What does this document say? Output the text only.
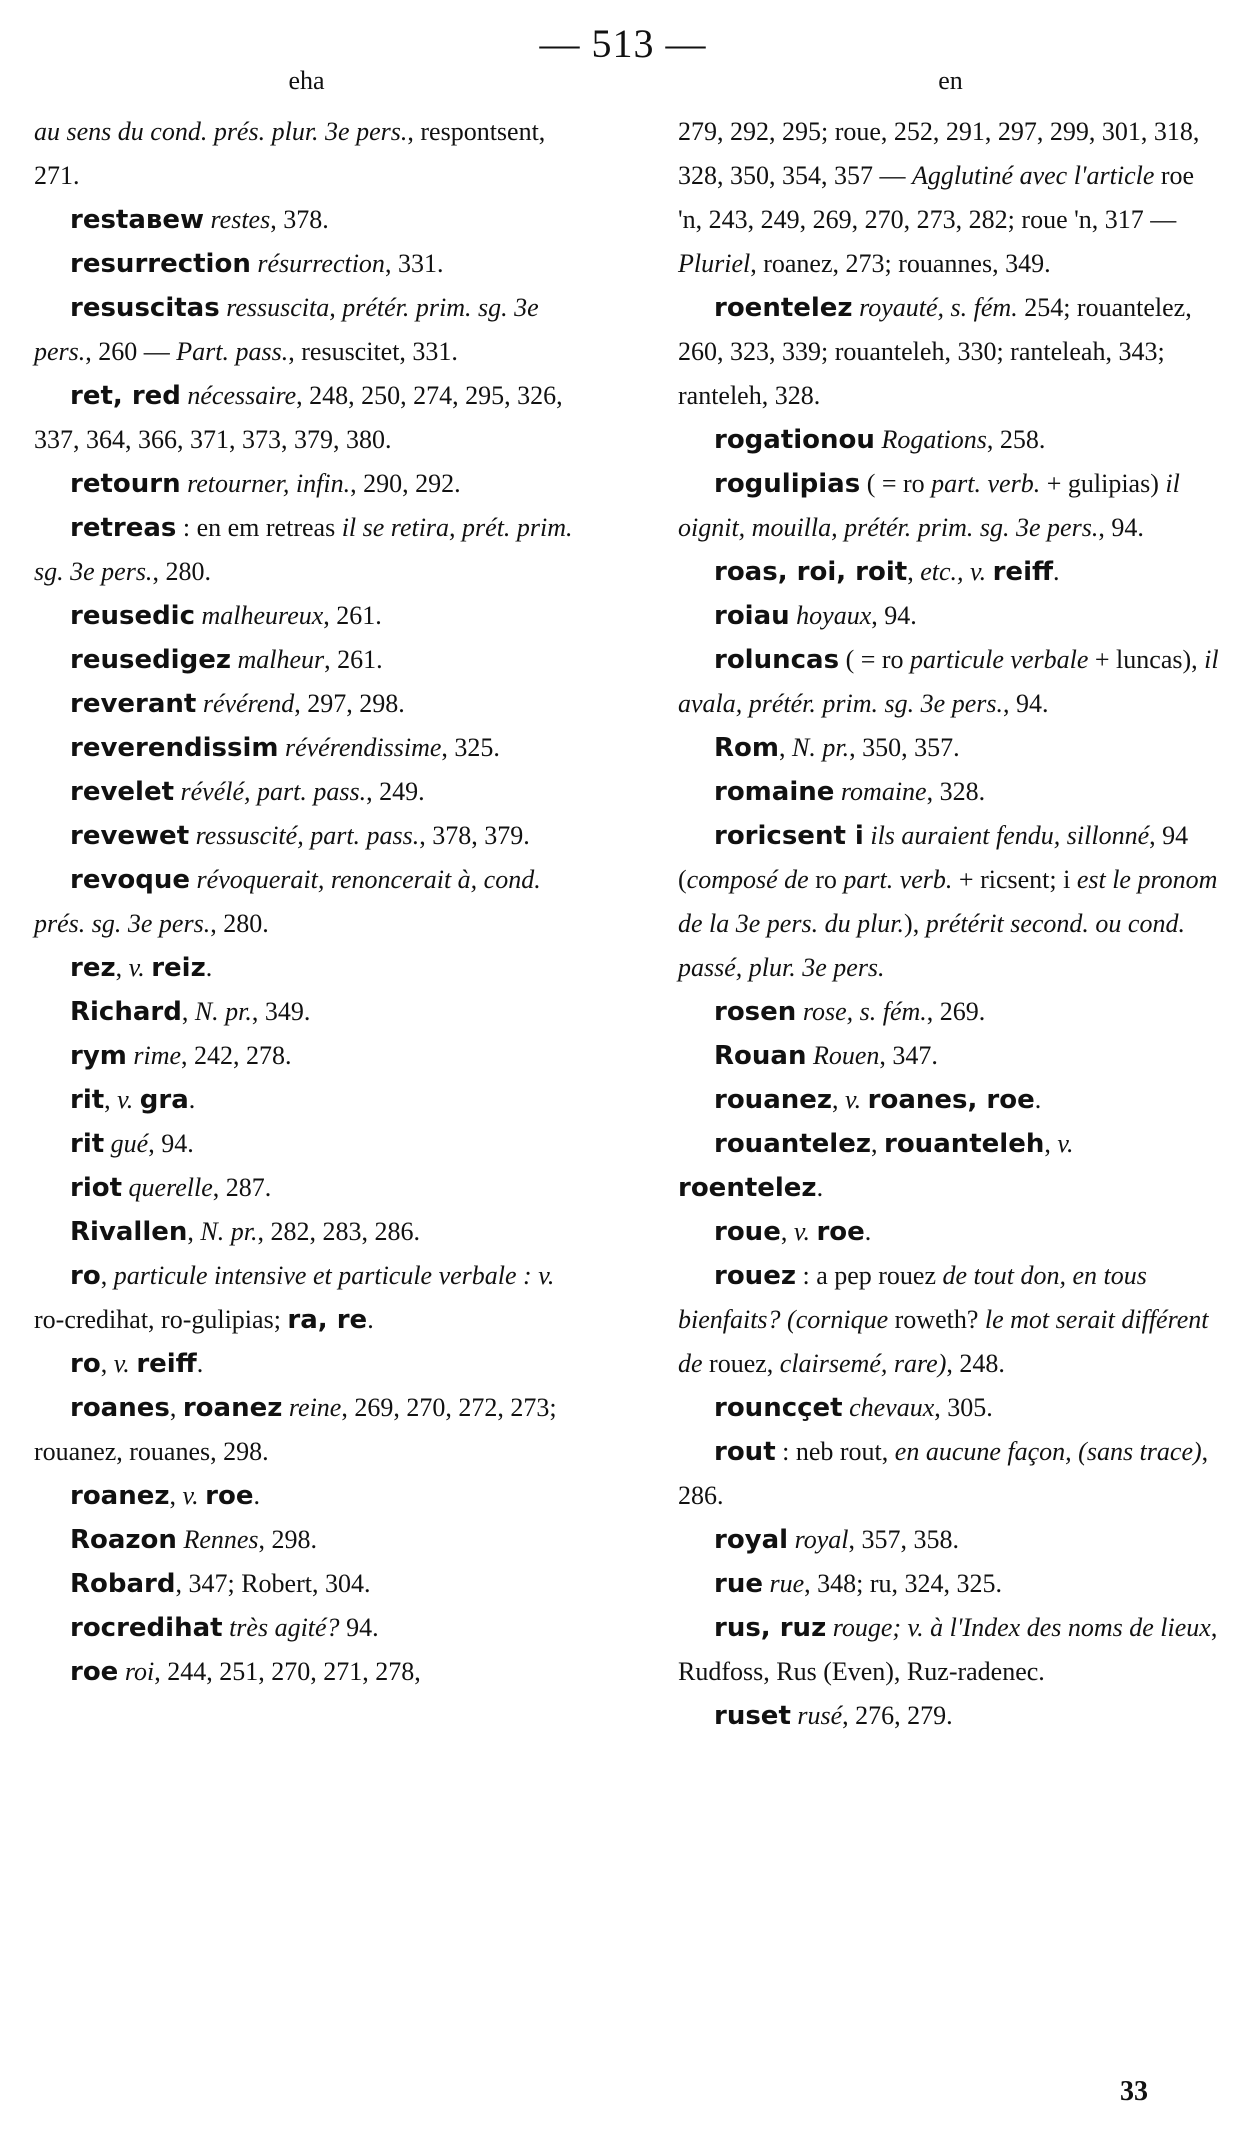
— 513 —
eha

au sens du cond. prés. plur. 3e pers., respontsent, 271.

restaʙew restes, 378.

resurrection résurrection, 331.

resuscitas ressuscita, prétér. prim. sg. 3e pers., 260 — Part. pass., resuscitet, 331.

ret, red nécessaire, 248, 250, 274, 295, 326, 337, 364, 366, 371, 373, 379, 380.

retourn retourner, infin., 290, 292.

retreas : en em retreas il se retira, prét. prim. sg. 3e pers., 280.

reusedic malheureux, 261.

reusedigez malheur, 261.

reverant révérend, 297, 298.

reverendissim révérendissime, 325.

revelet révélé, part. pass., 249.

revewet ressuscité, part. pass., 378, 379.

revoque révoquerait, renoncerait à, cond. prés. sg. 3e pers., 280.

rez, v. reiz.

Richard, N. pr., 349.

rym rime, 242, 278.

rit, v. gra.

rit gué, 94.

riot querelle, 287.

Rivallen, N. pr., 282, 283, 286.

ro, particule intensive et particule verbale : v. ro-credihat, ro-gulipias; ra, re.

ro, v. reiff.

roanes, roanez reine, 269, 270, 272, 273; rouanez, rouanes, 298.

roanez, v. roe.

Roazon Rennes, 298.

Robard, 347; Robert, 304.

rocredihat très agité? 94.

roe roi, 244, 251, 270, 271, 278,

en

279, 292, 295; roue, 252, 291, 297, 299, 301, 318, 328, 350, 354, 357 — Agglutiné avec l'article roe 'n, 243, 249, 269, 270, 273, 282; roue 'n, 317 — Pluriel, roanez, 273; rouannes, 349.

roentelez royauté, s. fém. 254; rouantelez, 260, 323, 339; rouanteleh, 330; ranteleah, 343; ranteleh, 328.

rogationou Rogations, 258.

rogulipias ( = ro part. verb. + gulipias) il oignit, mouilla, prétér. prim. sg. 3e pers., 94.

roas, roi, roit, etc., v. reiff.

roiau hoyaux, 94.

roluncas ( = ro particule verbale + luncas), il avala, prétér. prim. sg. 3e pers., 94.

Rom, N. pr., 350, 357.

romaine romaine, 328.

roricsent i ils auraient fendu, sillonné, 94 (composé de ro part. verb. + ricsent; i est le pronom de la 3e pers. du plur.), prétérit second. ou cond. passé, plur. 3e pers.

rosen rose, s. fém., 269.

Rouan Rouen, 347.

rouanez, v. roanes, roe.

rouantelez, rouanteleh, v. roentelez.

roue, v. roe.

rouez : a pep rouez de tout don, en tous bienfaits? (cornique roweth? le mot serait différent de rouez, clairsemé, rare), 248.

rouncçet chevaux, 305.

rout : neb rout, en aucune façon, (sans trace), 286.

royal royal, 357, 358.

rue rue, 348; ru, 324, 325.

rus, ruz rouge; v. à l'Index des noms de lieux, Rudfoss, Rus (Even), Ruz-radenec.

ruset rusé, 276, 279.

33
